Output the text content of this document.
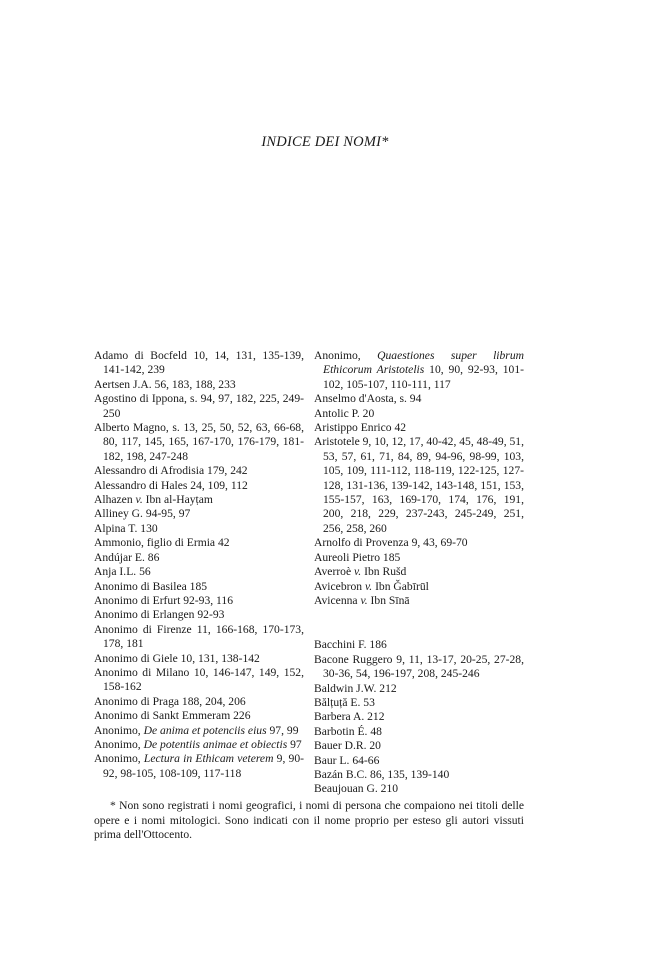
INDICE DEI NOMI*
Adamo di Bocfeld 10, 14, 131, 135-139, 141-142, 239
Aertsen J.A. 56, 183, 188, 233
Agostino di Ippona, s. 94, 97, 182, 225, 249-250
Alberto Magno, s. 13, 25, 50, 52, 63, 66-68, 80, 117, 145, 165, 167-170, 176-179, 181-182, 198, 247-248
Alessandro di Afrodisia 179, 242
Alessandro di Hales 24, 109, 112
Alhazen v. Ibn al-Hayṭam
Alliney G. 94-95, 97
Alpina T. 130
Ammonio, figlio di Ermia 42
Andújar E. 86
Anja I.L. 56
Anonimo di Basilea 185
Anonimo di Erfurt 92-93, 116
Anonimo di Erlangen 92-93
Anonimo di Firenze 11, 166-168, 170-173, 178, 181
Anonimo di Giele 10, 131, 138-142
Anonimo di Milano 10, 146-147, 149, 152, 158-162
Anonimo di Praga 188, 204, 206
Anonimo di Sankt Emmeram 226
Anonimo, De anima et potenciis eius 97, 99
Anonimo, De potentiis animae et obiectis 97
Anonimo, Lectura in Ethicam veterem 9, 90-92, 98-105, 108-109, 117-118
Anonimo, Quaestiones super librum Ethicorum Aristotelis 10, 90, 92-93, 101-102, 105-107, 110-111, 117
Anselmo d'Aosta, s. 94
Antolic P. 20
Aristippo Enrico 42
Aristotele 9, 10, 12, 17, 40-42, 45, 48-49, 51, 53, 57, 61, 71, 84, 89, 94-96, 98-99, 103, 105, 109, 111-112, 118-119, 122-125, 127-128, 131-136, 139-142, 143-148, 151, 153, 155-157, 163, 169-170, 174, 176, 191, 200, 218, 229, 237-243, 245-249, 251, 256, 258, 260
Arnolfo di Provenza 9, 43, 69-70
Aureoli Pietro 185
Averroè v. Ibn Rušd
Avicebron v. Ibn Ǧabīrūl
Avicenna v. Ibn Sīnā
Bacchini F. 186
Bacone Ruggero 9, 11, 13-17, 20-25, 27-28, 30-36, 54, 196-197, 208, 245-246
Baldwin J.W. 212
Bălțuță E. 53
Barbera A. 212
Barbotin É. 48
Bauer D.R. 20
Baur L. 64-66
Bazán B.C. 86, 135, 139-140
Beaujouan G. 210
* Non sono registrati i nomi geografici, i nomi di persona che compaiono nei titoli delle opere e i nomi mitologici. Sono indicati con il nome proprio per esteso gli autori vissuti prima dell'Ottocento.
